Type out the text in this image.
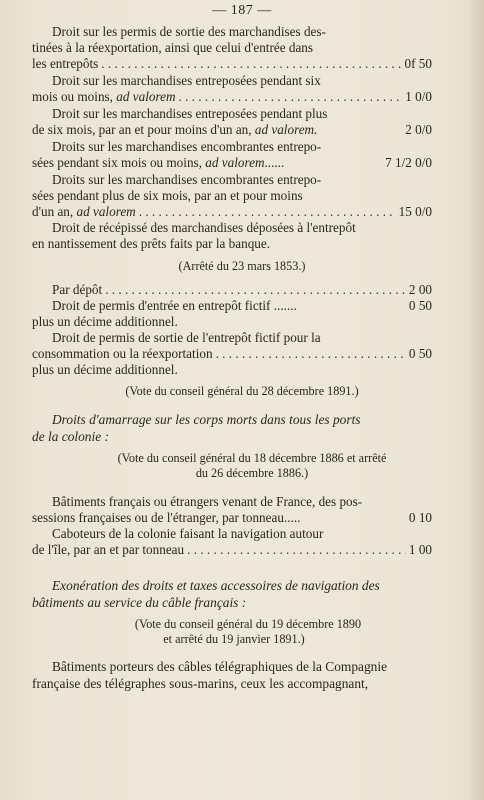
— 187 —
Droit sur les permis de sortie des marchandises des-
tinées à la réexportation, ainsi que celui d'entrée dans
les entrepôts . . .	0f 50
Droit sur les marchandises entreposées pendant six
mois ou moins, ad valorem . . .	1 0/0
Droit sur les marchandises entreposées pendant plus
de six mois, par an et pour moins d'un an, ad valorem.	2 0/0
Droits sur les marchandises encombrantes entrepo-
sées pendant six mois ou moins, ad valorem......	7 1/2 0/0
Droits sur les marchandises encombrantes entrepo-
sées pendant plus de six mois, par an et pour moins
d'un an, ad valorem . . .	15 0/0
Droit de récépissé des marchandises déposées à l'entrepôt
en nantissement des prêts faits par la banque.
(Arrêté du 23 mars 1853.)
Par dépôt . . .	2 00
Droit de permis d'entrée en entrepôt fictif .......	0 50
plus un décime additionnel.
Droit de permis de sortie de l'entrepôt fictif pour la
consommation ou la réexportation . . .	0 50
plus un décime additionnel.
(Vote du conseil général du 28 décembre 1891.)
Droits d'amarrage sur les corps morts dans tous les ports
de la colonie :
(Vote du conseil général du 18 décembre 1886 et arrêté
du 26 décembre 1886.)
Bâtiments français ou étrangers venant de France, des pos-
sessions françaises ou de l'étranger, par tonneau.....	0 10
Caboteurs de la colonie faisant la navigation autour
de l'île, par an et par tonneau . . .	1 00
Exonération des droits et taxes accessoires de navigation des
bâtiments au service du câble français :
(Vote du conseil général du 19 décembre 1890
et arrêté du 19 janvier 1891.)
Bâtiments porteurs des câbles télégraphiques de la Compagnie
française des télégraphes sous-marins, ceux les accompagnant,
